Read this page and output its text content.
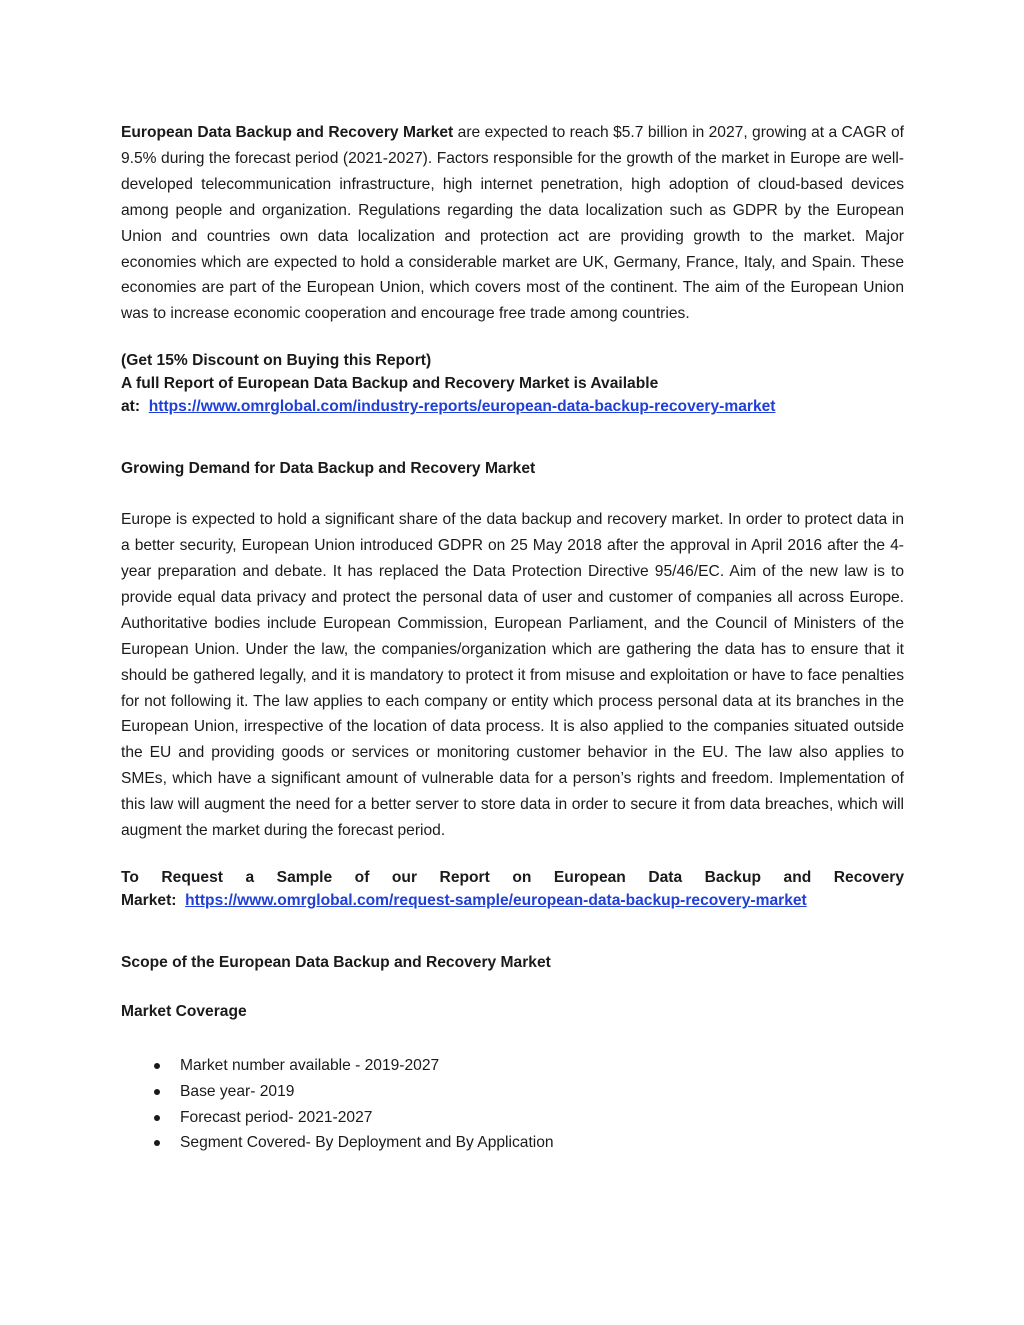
European Data Backup and Recovery Market are expected to reach $5.7 billion in 2027, growing at a CAGR of 9.5% during the forecast period (2021-2027). Factors responsible for the growth of the market in Europe are well-developed telecommunication infrastructure, high internet penetration, high adoption of cloud-based devices among people and organization. Regulations regarding the data localization such as GDPR by the European Union and countries own data localization and protection act are providing growth to the market. Major economies which are expected to hold a considerable market are UK, Germany, France, Italy, and Spain. These economies are part of the European Union, which covers most of the continent. The aim of the European Union was to increase economic cooperation and encourage free trade among countries.

(Get 15% Discount on Buying this Report)

A full Report of European Data Backup and Recovery Market is Available

at: https://www.omrglobal.com/industry-reports/european-data-backup-recovery-market

Growing Demand for Data Backup and Recovery Market

Europe is expected to hold a significant share of the data backup and recovery market. In order to protect data in a better security, European Union introduced GDPR on 25 May 2018 after the approval in April 2016 after the 4-year preparation and debate. It has replaced the Data Protection Directive 95/46/EC. Aim of the new law is to provide equal data privacy and protect the personal data of user and customer of companies all across Europe. Authoritative bodies include European Commission, European Parliament, and the Council of Ministers of the European Union. Under the law, the companies/organization which are gathering the data has to ensure that it should be gathered legally, and it is mandatory to protect it from misuse and exploitation or have to face penalties for not following it. The law applies to each company or entity which process personal data at its branches in the European Union, irrespective of the location of data process. It is also applied to the companies situated outside the EU and providing goods or services or monitoring customer behavior in the EU. The law also applies to SMEs, which have a significant amount of vulnerable data for a person’s rights and freedom. Implementation of this law will augment the need for a better server to store data in order to secure it from data breaches, which will augment the market during the forecast period.

To Request a Sample of our Report on European Data Backup and Recovery

Market: https://www.omrglobal.com/request-sample/european-data-backup-recovery-market

Scope of the European Data Backup and Recovery Market

Market Coverage

Market number available - 2019-2027
Base year- 2019
Forecast period- 2021-2027
Segment Covered- By Deployment and By Application
